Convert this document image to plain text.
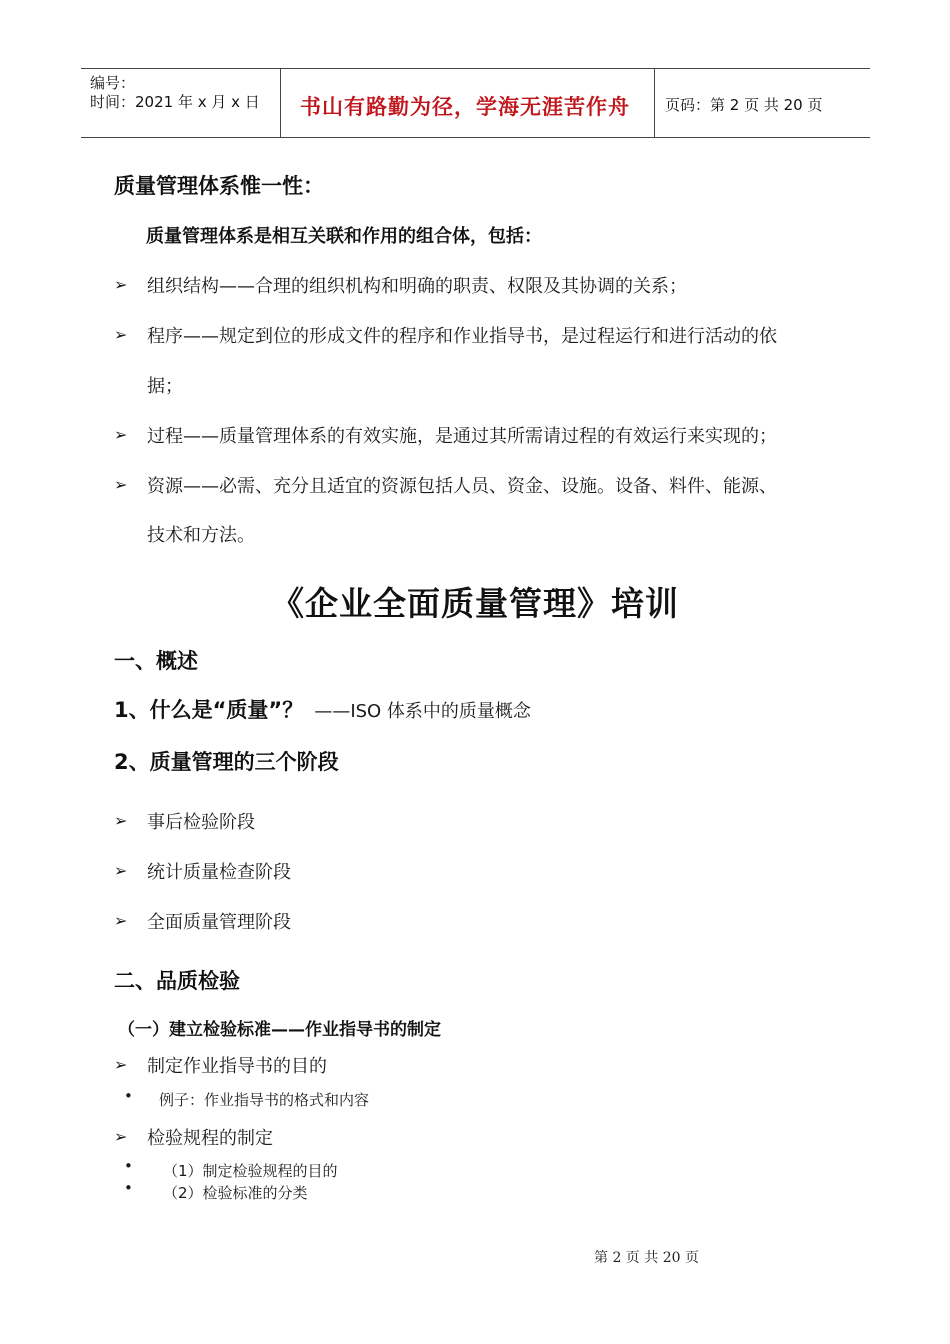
编号：
时间：2021 年 x 月 x 日 书山有路勤为径，学海无涯苦作舟 页码：第 2 页 共 20 页
质量管理体系惟一性：
质量管理体系是相互关联和作用的组合体，包括：
➢ 组织结构——合理的组织机构和明确的职责、权限及其协调的关系；
➢ 程序——规定到位的形成文件的程序和作业指导书，是过程运行和进行活动的依
据；
➢ 过程——质量管理体系的有效实施，是通过其所需请过程的有效运行来实现的；
➢ 资源——必需、充分且适宜的资源包括人员、资金、设施。设备、料件、能源、
技术和方法。
《企业全面质量管理》培训
一、概述
1、什么是“质量”？ ——ISO 体系中的质量概念
2、质量管理的三个阶段
➢ 事后检验阶段
➢ 统计质量检查阶段
➢ 全面质量管理阶段
二、品质检验
（一）建立检验标准——作业指导书的制定
➢ 制定作业指导书的目的
• 例子：作业指导书的格式和内容
➢ 检验规程的制定
• （1）制定检验规程的目的
• （2）检验标准的分类
第 2 页 共 20 页
